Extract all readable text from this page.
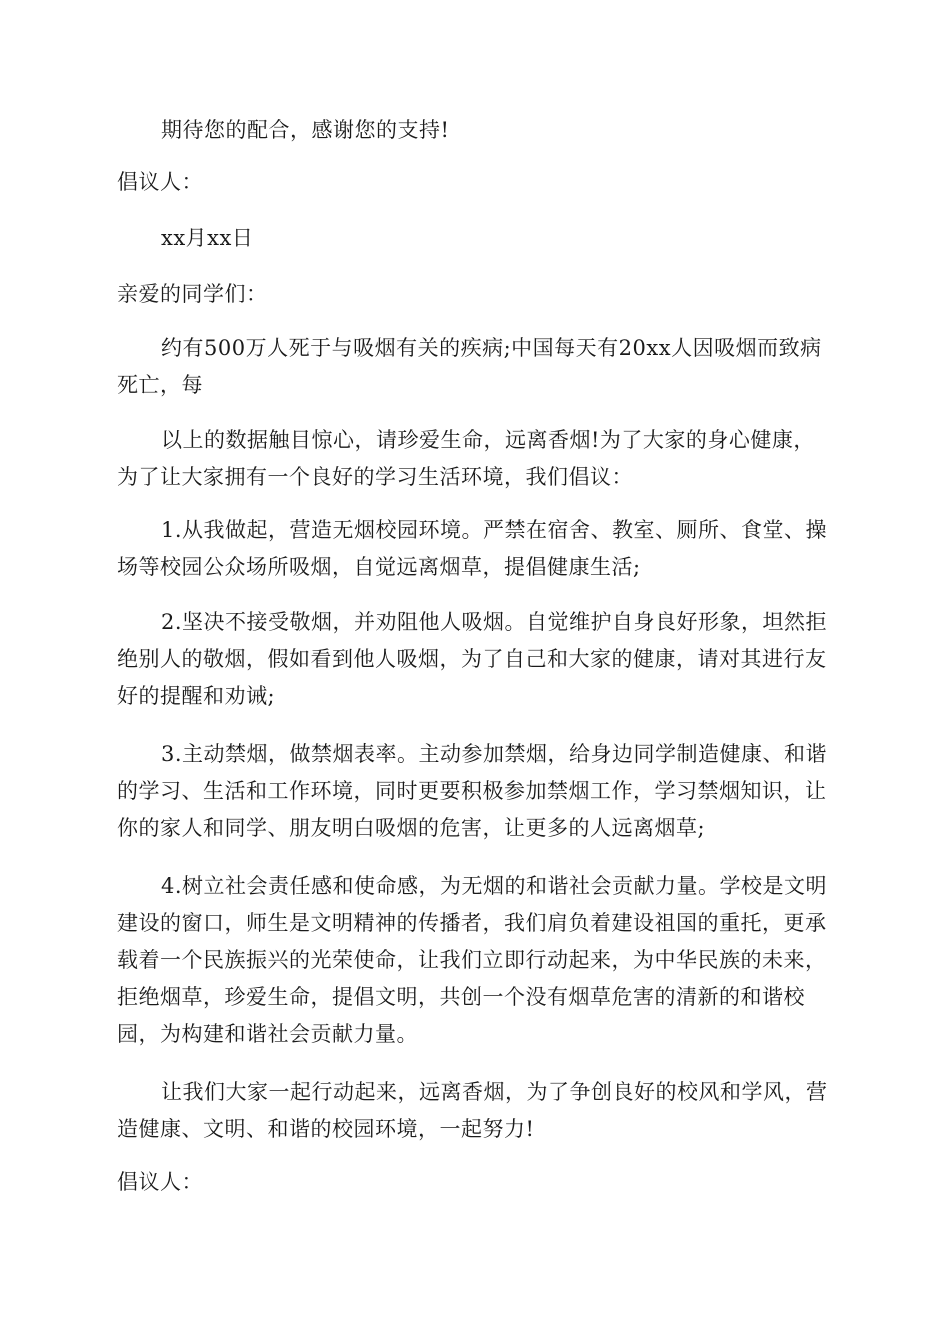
期待您的配合，感谢您的支持!

倡议人：

xx月xx日

亲爱的同学们：

约有500万人死于与吸烟有关的疾病;中国每天有20xx人因吸烟而致病死亡，每

以上的数据触目惊心，请珍爱生命，远离香烟!为了大家的身心健康，为了让大家拥有一个良好的学习生活环境，我们倡议：

1.从我做起，营造无烟校园环境。严禁在宿舍、教室、厕所、食堂、操场等校园公众场所吸烟，自觉远离烟草，提倡健康生活;

2.坚决不接受敬烟，并劝阻他人吸烟。自觉维护自身良好形象，坦然拒绝别人的敬烟，假如看到他人吸烟，为了自己和大家的健康，请对其进行友好的提醒和劝诫;

3.主动禁烟，做禁烟表率。主动参加禁烟，给身边同学制造健康、和谐的学习、生活和工作环境，同时更要积极参加禁烟工作，学习禁烟知识，让你的家人和同学、朋友明白吸烟的危害，让更多的人远离烟草;

4.树立社会责任感和使命感，为无烟的和谐社会贡献力量。学校是文明建设的窗口，师生是文明精神的传播者，我们肩负着建设祖国的重托，更承载着一个民族振兴的光荣使命，让我们立即行动起来，为中华民族的未来，拒绝烟草，珍爱生命，提倡文明，共创一个没有烟草危害的清新的和谐校园，为构建和谐社会贡献力量。

让我们大家一起行动起来，远离香烟，为了争创良好的校风和学风，营造健康、文明、和谐的校园环境，一起努力!

倡议人：
